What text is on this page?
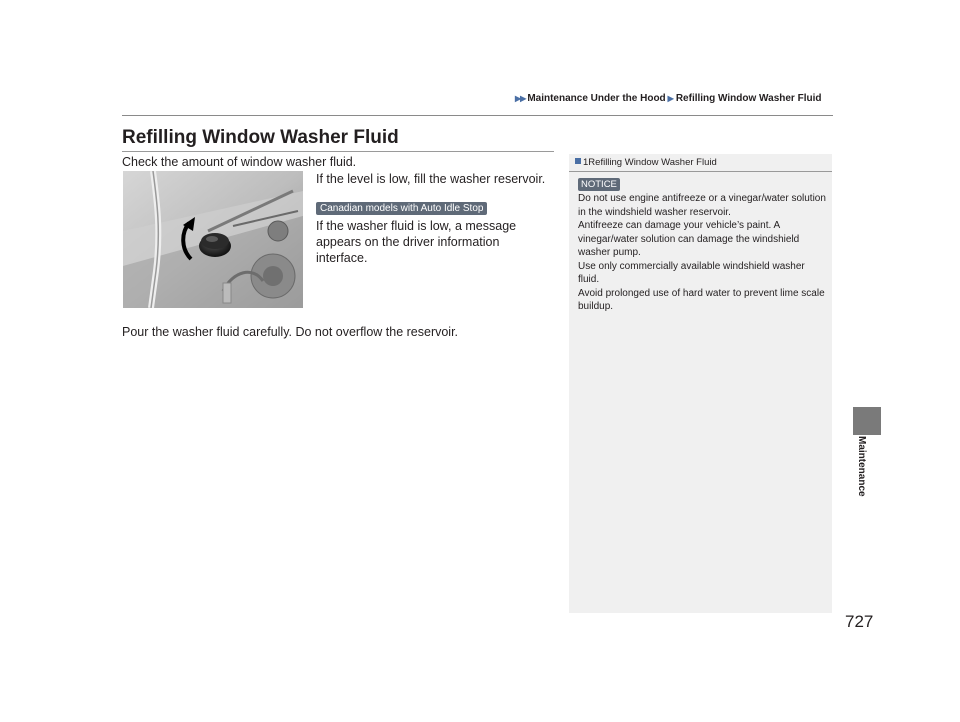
▶▶ Maintenance Under the Hood ▶ Refilling Window Washer Fluid
Refilling Window Washer Fluid
Check the amount of window washer fluid.
If the level is low, fill the washer reservoir.
Canadian models with Auto Idle Stop
If the washer fluid is low, a message appears on the driver information interface.
Pour the washer fluid carefully. Do not overflow the reservoir.
1Refilling Window Washer Fluid
NOTICE

Do not use engine antifreeze or a vinegar/water solution in the windshield washer reservoir.

Antifreeze can damage your vehicle’s paint. A vinegar/water solution can damage the windshield washer pump.

Use only commercially available windshield washer fluid.

Avoid prolonged use of hard water to prevent lime scale buildup.

Maintenance
727
